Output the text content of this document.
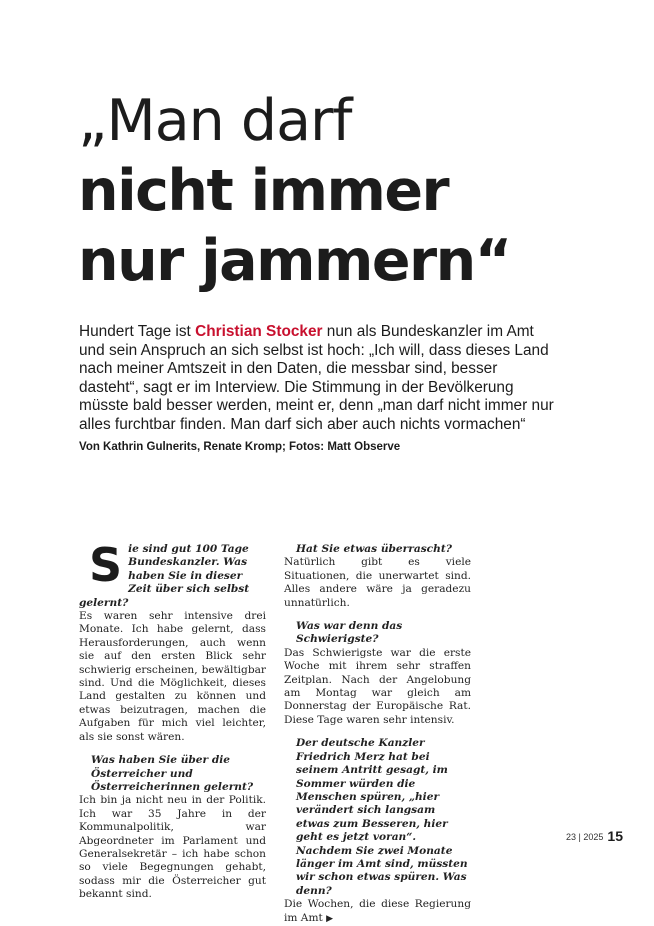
„Man darf
nicht immer
nur jammern“

Hundert Tage ist Christian Stocker nun als Bundeskanzler im Amt und sein Anspruch an sich selbst ist hoch: „Ich will, dass dieses Land nach meiner Amtszeit in den Daten, die messbar sind, besser dasteht“, sagt er im Interview. Die Stimmung in der Bevölkerung müsste bald besser werden, meint er, denn „man darf nicht immer nur alles furchtbar finden. Man darf sich aber auch nichts vormachen“

Von Kathrin Gulnerits, Renate Kromp; Fotos: Matt Observe

S ie sind gut 100 Tage Bundeskanzler. Was haben Sie in dieser Zeit über sich selbst gelernt?

Es waren sehr intensive drei Monate. Ich habe gelernt, dass Herausforderungen, auch wenn sie auf den ersten Blick sehr schwierig erscheinen, bewältigbar sind. Und die Möglichkeit, dieses Land gestalten zu können und etwas beizutragen, machen die Aufgaben für mich viel leichter, als sie sonst wären.

Was haben Sie über die Österreicher und Österreicherinnen gelernt?

Ich bin ja nicht neu in der Politik. Ich war 35 Jahre in der Kommunalpolitik, war Abgeordneter im Parlament und Generalsekretär – ich habe schon so viele Begegnungen gehabt, sodass mir die Österreicher gut bekannt sind.

Hat Sie etwas überrascht?

Natürlich gibt es viele Situationen, die unerwartet sind. Alles andere wäre ja geradezu unnatürlich.

Was war denn das Schwierigste?

Das Schwierigste war die erste Woche mit ihrem sehr straffen Zeitplan. Nach der Angelobung am Montag war gleich am Donnerstag der Europäische Rat. Diese Tage waren sehr intensiv.

Der deutsche Kanzler Friedrich Merz hat bei seinem Antritt gesagt, im Sommer würden die Menschen spüren, „hier verändert sich langsam etwas zum Besseren, hier geht es jetzt voran“. Nachdem Sie zwei Monate länger im Amt sind, müssten wir schon etwas spüren. Was denn?

Die Wochen, die diese Regierung im Amt ▶

23 | 2025 15
